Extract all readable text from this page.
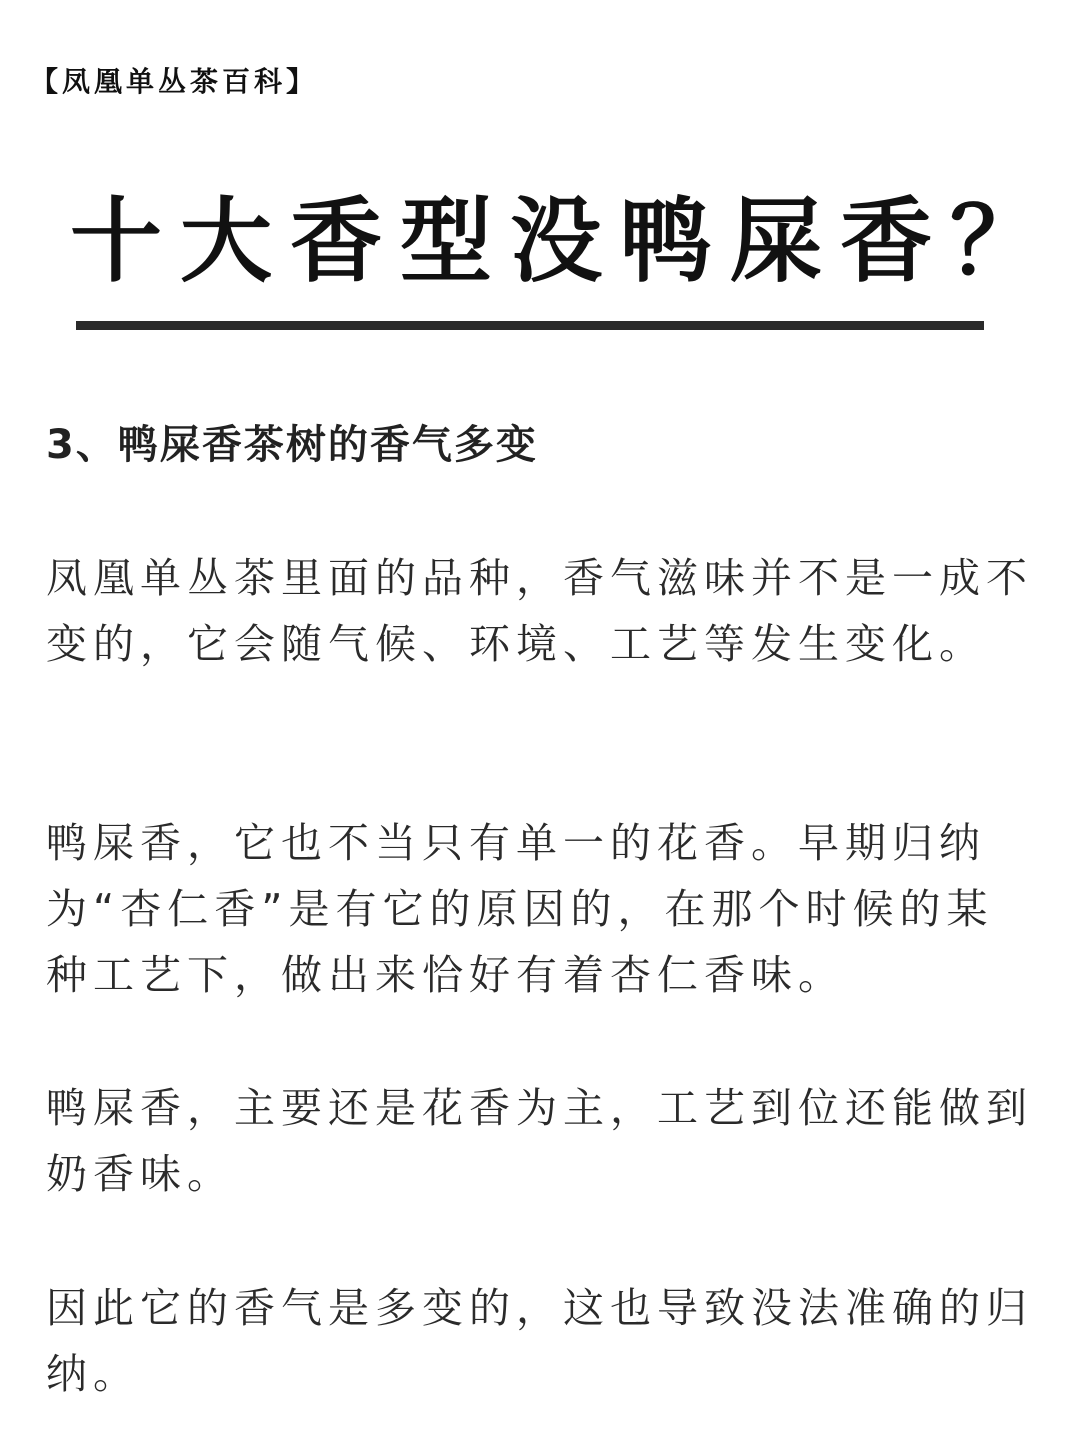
【凤凰单丛茶百科】
十大香型没鸭屎香？
3、鸭屎香茶树的香气多变

凤凰单丛茶里面的品种，香气滋味并不是一成不变的，它会随气候、环境、工艺等发生变化。

鸭屎香，它也不当只有单一的花香。早期归纳为“杏仁香”是有它的原因的，在那个时候的某种工艺下，做出来恰好有着杏仁香味。

鸭屎香，主要还是花香为主，工艺到位还能做到奶香味。

因此它的香气是多变的，这也导致没法准确的归纳。
